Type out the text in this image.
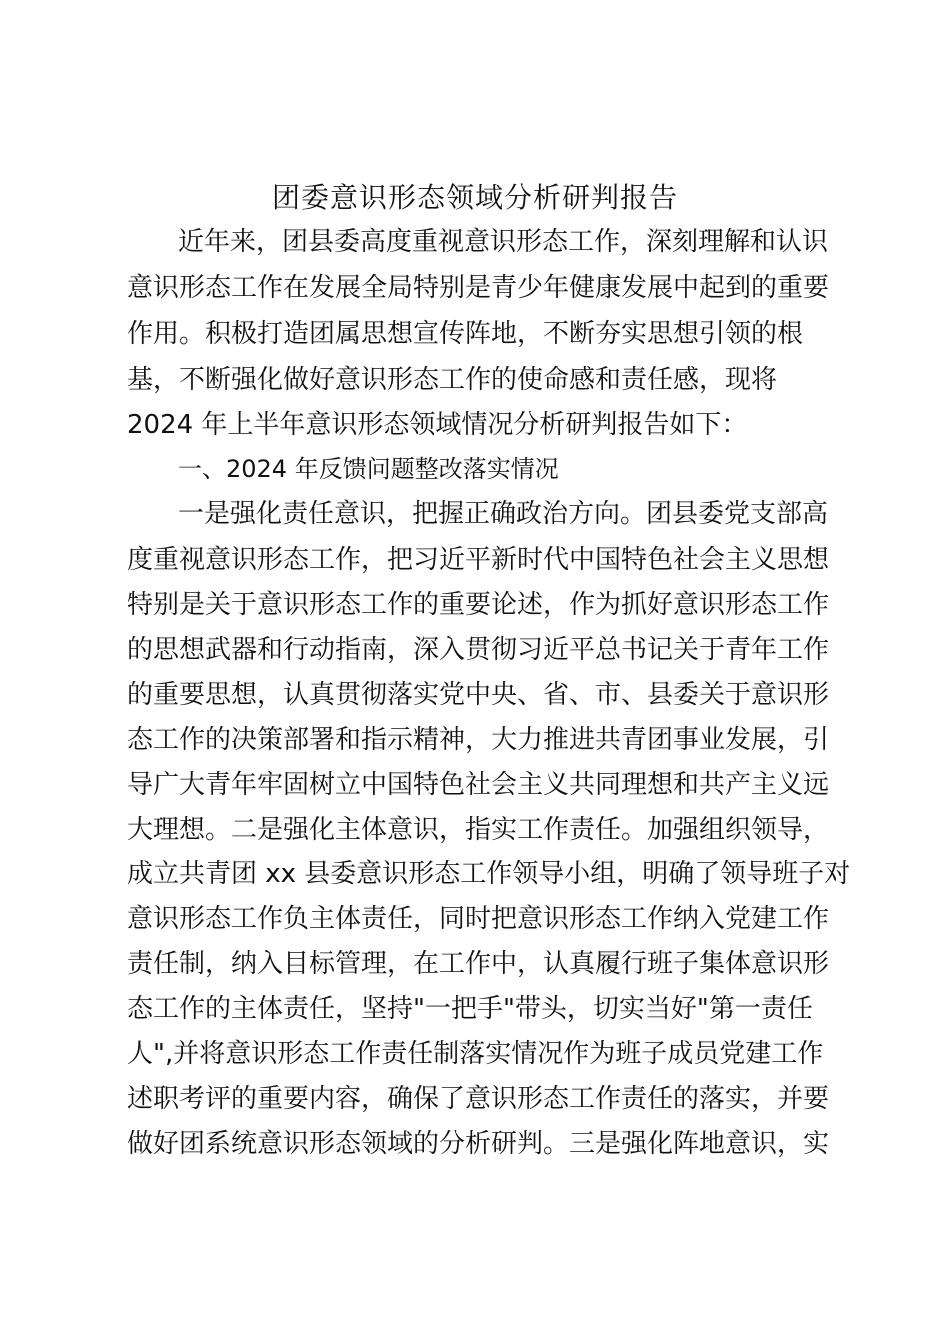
团委意识形态领域分析研判报告
近年来，团县委高度重视意识形态工作，深刻理解和认识
意识形态工作在发展全局特别是青少年健康发展中起到的重要
作用。积极打造团属思想宣传阵地，不断夯实思想引领的根
基，不断强化做好意识形态工作的使命感和责任感，现将
2024 年上半年意识形态领域情况分析研判报告如下：
一、2024 年反馈问题整改落实情况
一是强化责任意识，把握正确政治方向。团县委党支部高
度重视意识形态工作，把习近平新时代中国特色社会主义思想
特别是关于意识形态工作的重要论述，作为抓好意识形态工作
的思想武器和行动指南，深入贯彻习近平总书记关于青年工作
的重要思想，认真贯彻落实党中央、省、市、县委关于意识形
态工作的决策部署和指示精神，大力推进共青团事业发展，引
导广大青年牢固树立中国特色社会主义共同理想和共产主义远
大理想。二是强化主体意识，指实工作责任。加强组织领导，
成立共青团 xx 县委意识形态工作领导小组，明确了领导班子对
意识形态工作负主体责任，同时把意识形态工作纳入党建工作
责任制，纳入目标管理，在工作中，认真履行班子集体意识形
态工作的主体责任，坚持"一把手"带头，切实当好"第一责任
人",并将意识形态工作责任制落实情况作为班子成员党建工作
述职考评的重要内容，确保了意识形态工作责任的落实，并要
做好团系统意识形态领域的分析研判。三是强化阵地意识，实
